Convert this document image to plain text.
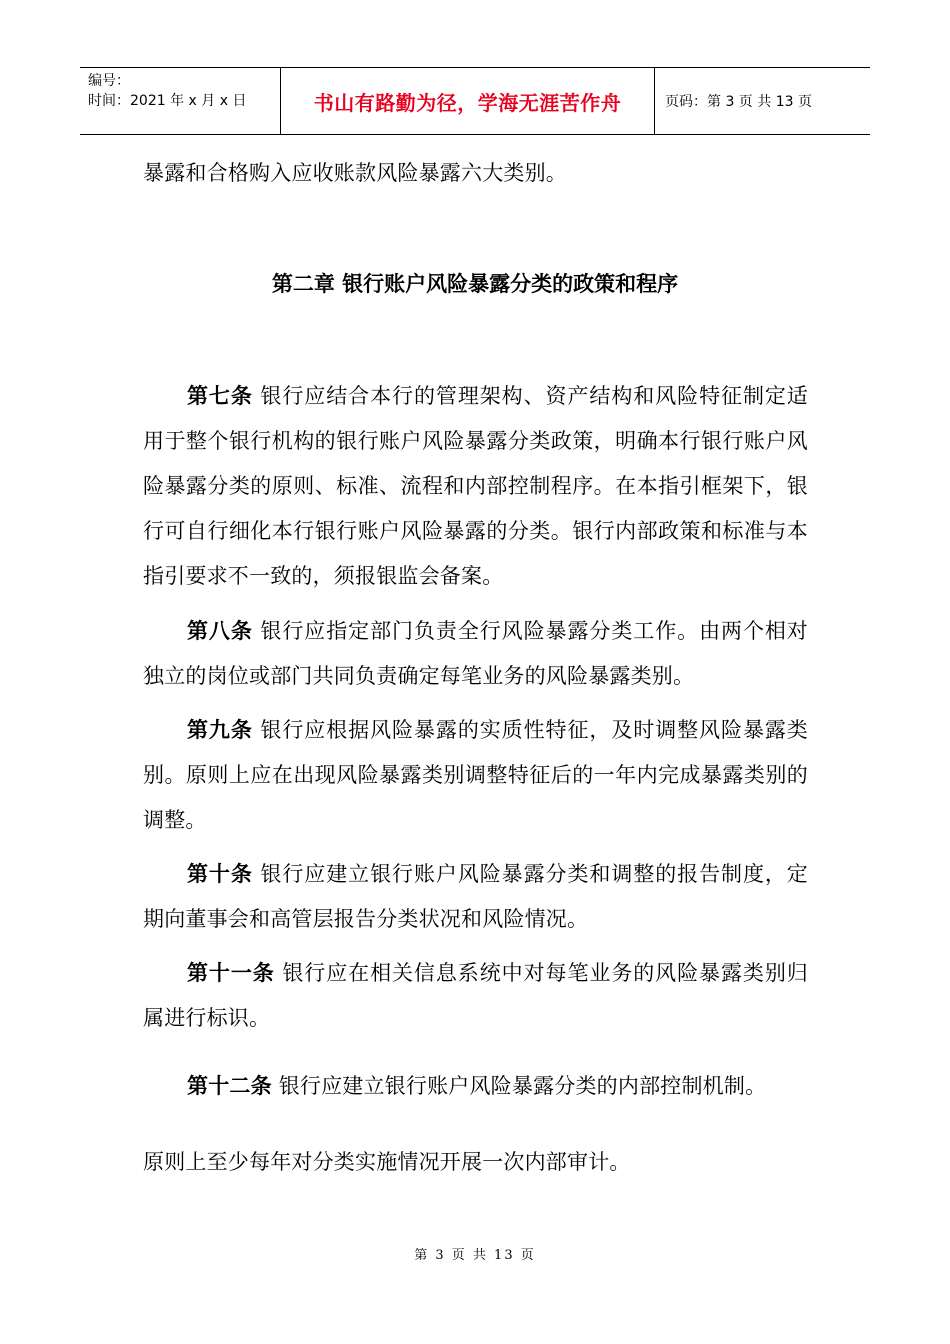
编号：
时间：2021 年 x 月 x 日	书山有路勤为径，学海无涯苦作舟	页码：第 3 页 共 13 页

暴露和合格购入应收账款风险暴露六大类别。

第二章 银行账户风险暴露分类的政策和程序

第七条 银行应结合本行的管理架构、资产结构和风险特征制定适用于整个银行机构的银行账户风险暴露分类政策，明确本行银行账户风险暴露分类的原则、标准、流程和内部控制程序。在本指引框架下，银行可自行细化本行银行账户风险暴露的分类。银行内部政策和标准与本指引要求不一致的，须报银监会备案。

第八条 银行应指定部门负责全行风险暴露分类工作。由两个相对独立的岗位或部门共同负责确定每笔业务的风险暴露类别。

第九条 银行应根据风险暴露的实质性特征，及时调整风险暴露类别。原则上应在出现风险暴露类别调整特征后的一年内完成暴露类别的调整。

第十条 银行应建立银行账户风险暴露分类和调整的报告制度，定期向董事会和高管层报告分类状况和风险情况。

第十一条 银行应在相关信息系统中对每笔业务的风险暴露类别归属进行标识。

第十二条 银行应建立银行账户风险暴露分类的内部控制机制。

原则上至少每年对分类实施情况开展一次内部审计。

第 3 页 共 13 页
